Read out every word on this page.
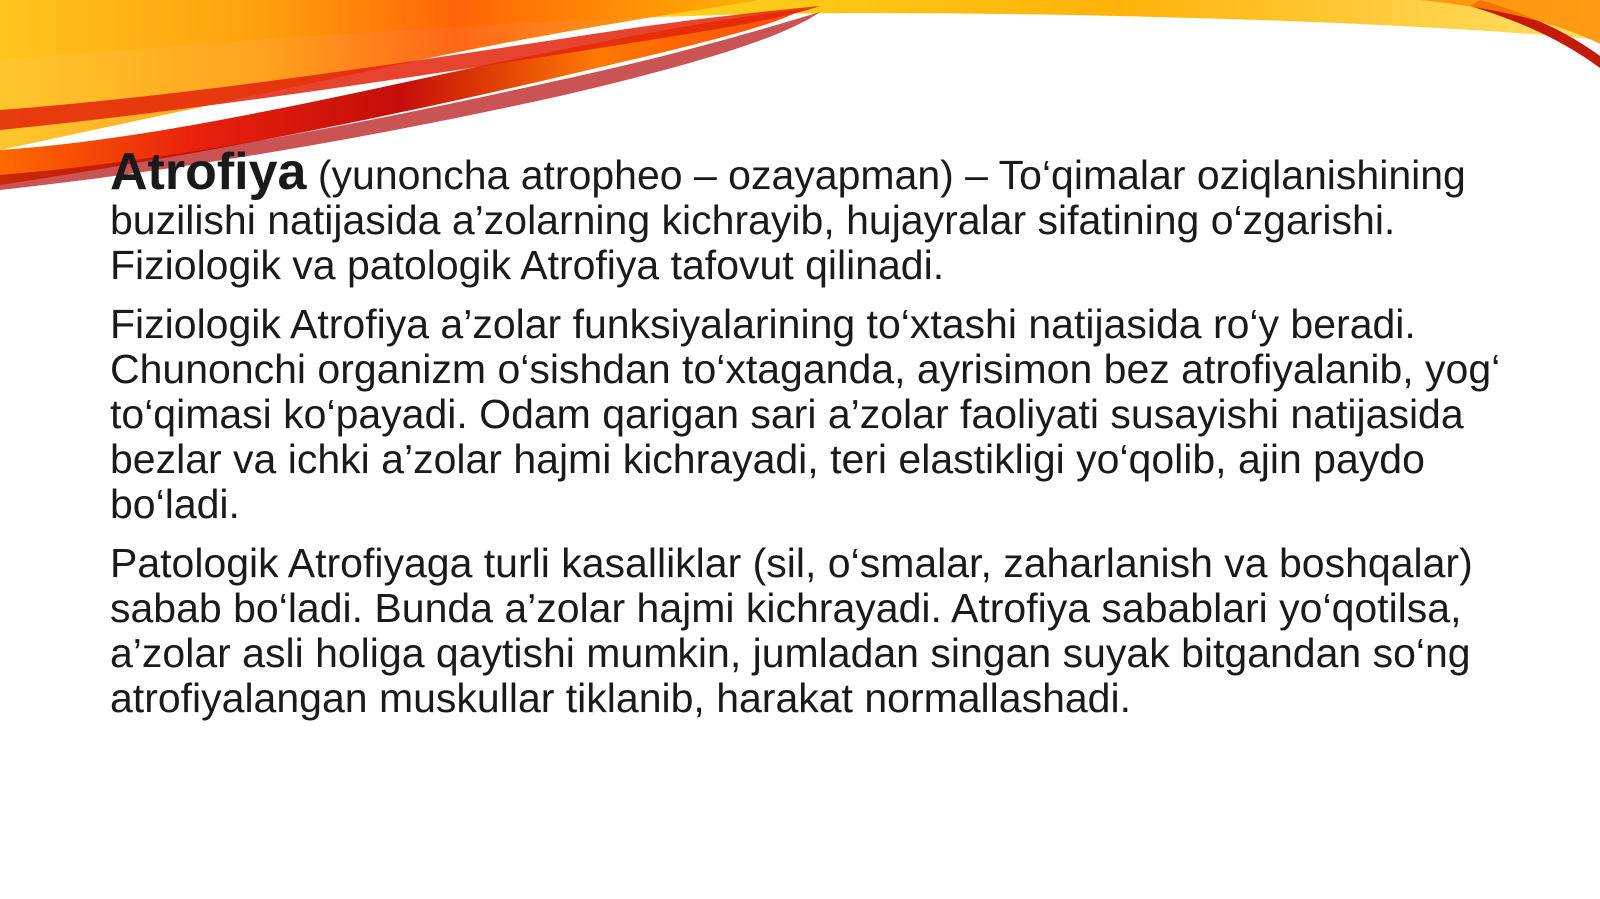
Atrofiya (yunoncha atropheo – ozayapman) – To‘qimalar oziqlanishining buzilishi natijasida a’zolarning kichrayib, hujayralar sifatining o‘zgarishi. Fiziologik va patologik Atrofiya tafovut qilinadi.

Fiziologik Atrofiya a’zolar funksiyalarining to‘xtashi natijasida ro‘y beradi. Chunonchi organizm o‘sishdan to‘xtaganda, ayrisimon bez atrofiyalanib, yog‘ to‘qimasi ko‘payadi. Odam qarigan sari a’zolar faoliyati susayishi natijasida bezlar va ichki a’zolar hajmi kichrayadi, teri elastikligi yo‘qolib, ajin paydo bo‘ladi.

Patologik Atrofiyaga turli kasalliklar (sil, o‘smalar, zaharlanish va boshqalar) sabab bo‘ladi. Bunda a’zolar hajmi kichrayadi. Atrofiya sabablari yo‘qotilsa, a’zolar asli holiga qaytishi mumkin, jumladan singan suyak bitgandan so‘ng atrofiyalangan muskullar tiklanib, harakat normallashadi.
